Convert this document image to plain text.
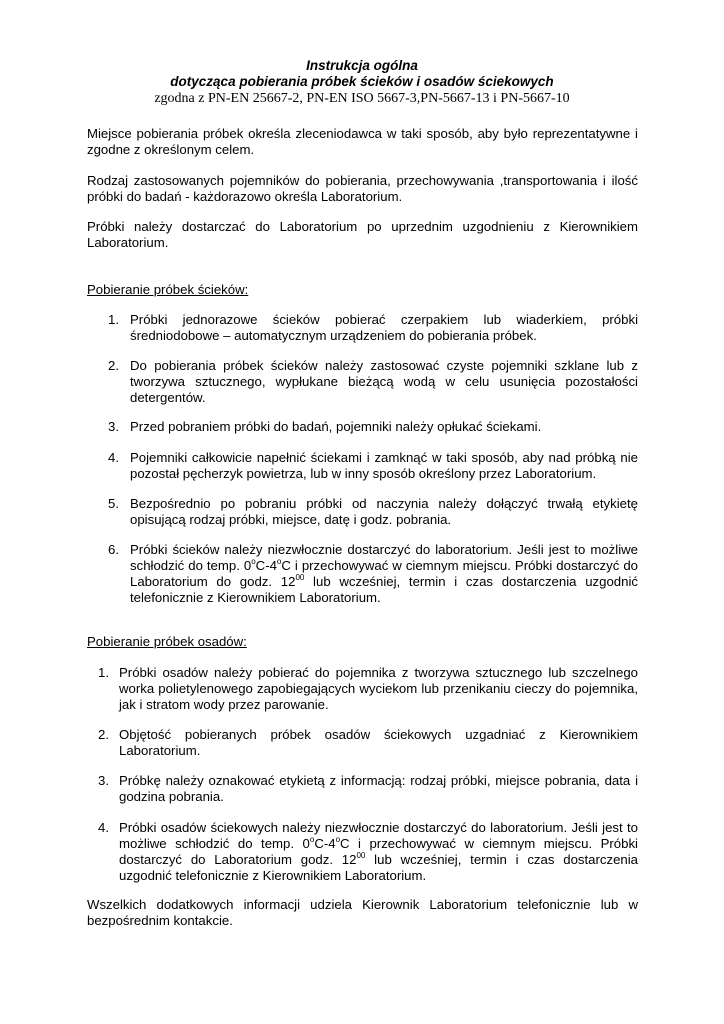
Instrukcja ogólna

dotycząca pobierania próbek ścieków i osadów ściekowych

zgodna z PN-EN 25667-2, PN-EN ISO 5667-3,PN-5667-13 i PN-5667-10

Miejsce pobierania próbek określa zleceniodawca w taki sposób, aby było reprezentatywne i zgodne z określonym celem.

Rodzaj zastosowanych pojemników do pobierania, przechowywania ,transportowania i ilość próbki do badań - każdorazowo określa Laboratorium.

Próbki należy dostarczać do Laboratorium po uprzednim uzgodnieniu z Kierownikiem Laboratorium.

Pobieranie próbek ścieków:

1. Próbki jednorazowe ścieków pobierać czerpakiem lub wiaderkiem, próbki średniodobowe – automatycznym urządzeniem do pobierania próbek.

2. Do pobierania próbek ścieków należy zastosować czyste pojemniki szklane lub z tworzywa sztucznego, wypłukane bieżącą wodą w celu usunięcia pozostałości detergentów.

3. Przed pobraniem próbki do badań, pojemniki należy opłukać ściekami.

4. Pojemniki całkowicie napełnić ściekami i zamknąć w taki sposób, aby nad próbką nie pozostał pęcherzyk powietrza, lub w inny sposób określony przez Laboratorium.

5. Bezpośrednio po pobraniu próbki od naczynia należy dołączyć trwałą etykietę opisującą rodzaj próbki, miejsce, datę i godz. pobrania.

6. Próbki ścieków należy niezwłocznie dostarczyć do laboratorium. Jeśli jest to możliwe schłodzić do temp. 0$^o$C-4$^o$C i przechowywać w ciemnym miejscu. Próbki dostarczyć do Laboratorium do godz. $12^{00}$ lub wcześniej, termin i czas dostarczenia uzgodnić telefonicznie z Kierownikiem Laboratorium.

Pobieranie próbek osadów:

1. Próbki osadów należy pobierać do pojemnika z tworzywa sztucznego lub szczelnego worka polietylenowego zapobiegających wyciekom lub przenikaniu cieczy do pojemnika, jak i stratom wody przez parowanie.

2. Objętość pobieranych próbek osadów ściekowych uzgadniać z Kierownikiem Laboratorium.

3. Próbkę należy oznakować etykietą z informacją: rodzaj próbki, miejsce pobrania, data i godzina pobrania.

4. Próbki osadów ściekowych należy niezwłocznie dostarczyć do laboratorium. Jeśli jest to możliwe schłodzić do temp. 0$^o$C-4$^o$C i przechowywać w ciemnym miejscu. Próbki dostarczyć do Laboratorium godz. $12^{00}$ lub wcześniej, termin i czas dostarczenia uzgodnić telefonicznie z Kierownikiem Laboratorium.

Wszelkich dodatkowych informacji udziela Kierownik Laboratorium telefonicznie lub w bezpośrednim kontakcie.
